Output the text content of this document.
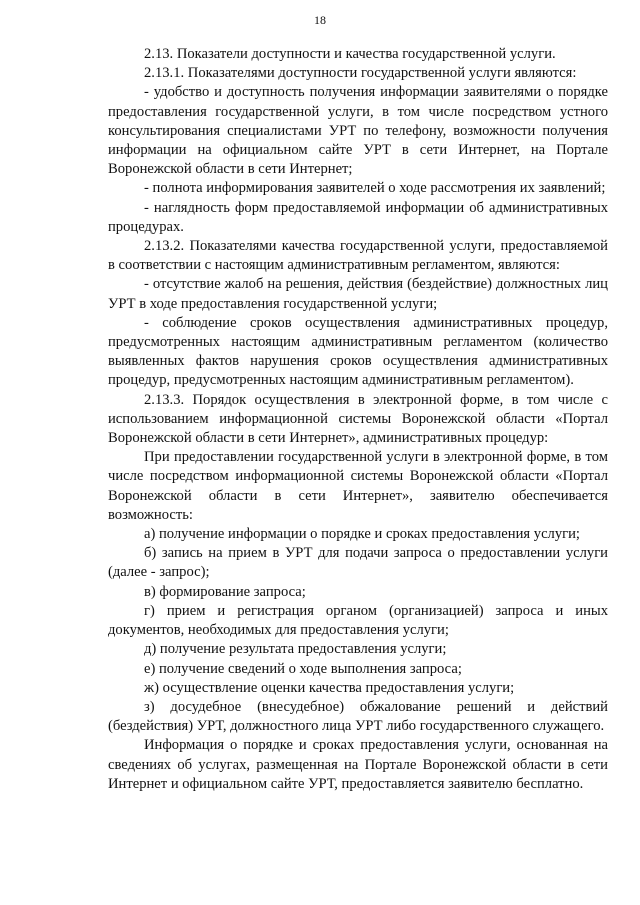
18

2.13. Показатели доступности и качества государственной услуги.

2.13.1. Показателями доступности государственной услуги являются:

- удобство и доступность получения информации заявителями о порядке предоставления государственной услуги, в том числе посредством устного консультирования специалистами УРТ по телефону, возможности получения информации на официальном сайте УРТ в сети Интернет, на Портале Воронежской области в сети Интернет;

- полнота информирования заявителей о ходе рассмотрения их заявлений;

- наглядность форм предоставляемой информации об административных процедурах.

2.13.2. Показателями качества государственной услуги, предоставляемой в соответствии с настоящим административным регламентом, являются:

- отсутствие жалоб на решения, действия (бездействие) должностных лиц УРТ в ходе предоставления государственной услуги;

- соблюдение сроков осуществления административных процедур, предусмотренных настоящим административным регламентом (количество выявленных фактов нарушения сроков осуществления административных процедур, предусмотренных настоящим административным регламентом).

2.13.3. Порядок осуществления в электронной форме, в том числе с использованием информационной системы Воронежской области «Портал Воронежской области в сети Интернет», административных процедур:

При предоставлении государственной услуги в электронной форме, в том числе посредством информационной системы Воронежской области «Портал Воронежской области в сети Интернет», заявителю обеспечивается возможность:

а) получение информации о порядке и сроках предоставления услуги;

б) запись на прием в УРТ для подачи запроса о предоставлении услуги (далее - запрос);

в) формирование запроса;

г) прием и регистрация органом (организацией) запроса и иных документов, необходимых для предоставления услуги;

д) получение результата предоставления услуги;

е) получение сведений о ходе выполнения запроса;

ж) осуществление оценки качества предоставления услуги;

з) досудебное (внесудебное) обжалование решений и действий (бездействия) УРТ, должностного лица УРТ либо государственного служащего.

Информация о порядке и сроках предоставления услуги, основанная на сведениях об услугах, размещенная на Портале Воронежской области в сети Интернет и официальном сайте УРТ, предоставляется заявителю бесплатно.
